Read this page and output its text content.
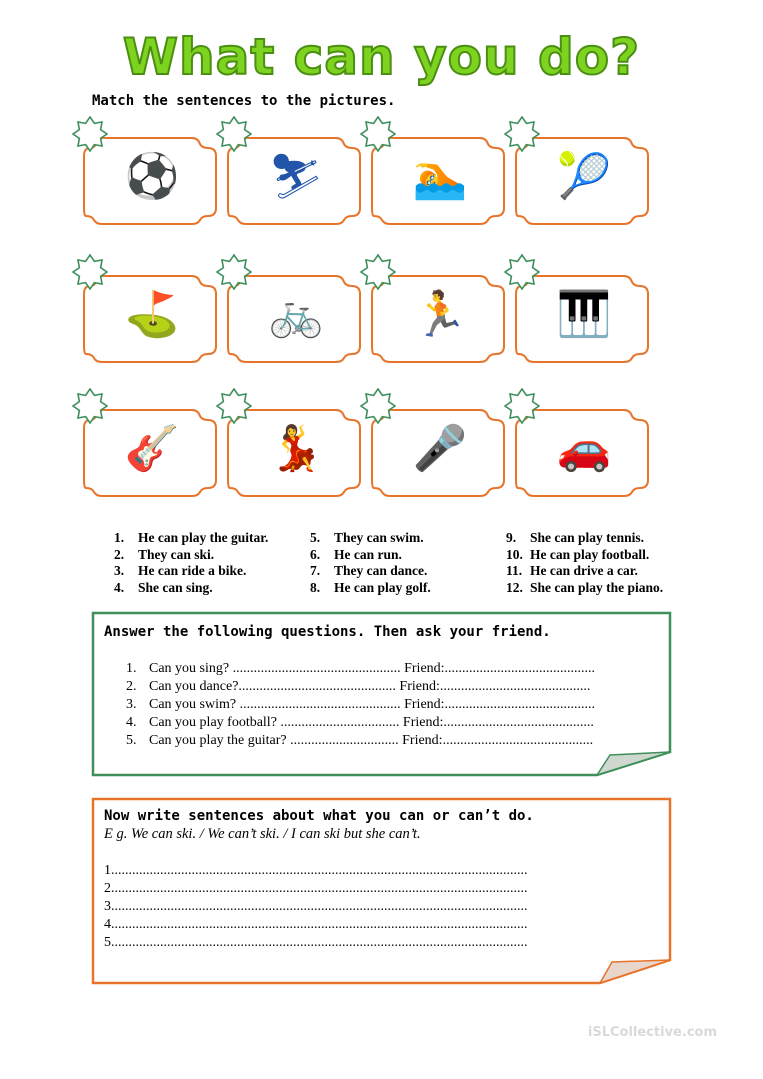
What can you do?

Match the sentences to the pictures.

⚽ ⛷ 🏊 🎾
⛳ 🚲 🏃 🎹
🎸 💃 🎤 🚗
1. He can play the guitar.
2. They can ski.
3. He can ride a bike.
4. She can sing.
5. They can swim.
6. He can run.
7. They can dance.
8. He can play golf.
9. She can play tennis.
10. He can play football.
11. He can drive a car.
12. She can play the piano.

Answer the following questions. Then ask your friend.

1. Can you sing? ................................................ Friend:...........................................
2. Can you dance?............................................. Friend:...........................................
3. Can you swim? .............................................. Friend:...........................................
4. Can you play football? .................................. Friend:...........................................
5. Can you play the guitar? ............................... Friend:...........................................

Now write sentences about what you can or can’t do.

E g. We can ski. / We can’t ski. / I can ski but she can’t.
1.......................................................................................................................
2.......................................................................................................................
3.......................................................................................................................
4.......................................................................................................................
5.......................................................................................................................
iSLCollective.com
